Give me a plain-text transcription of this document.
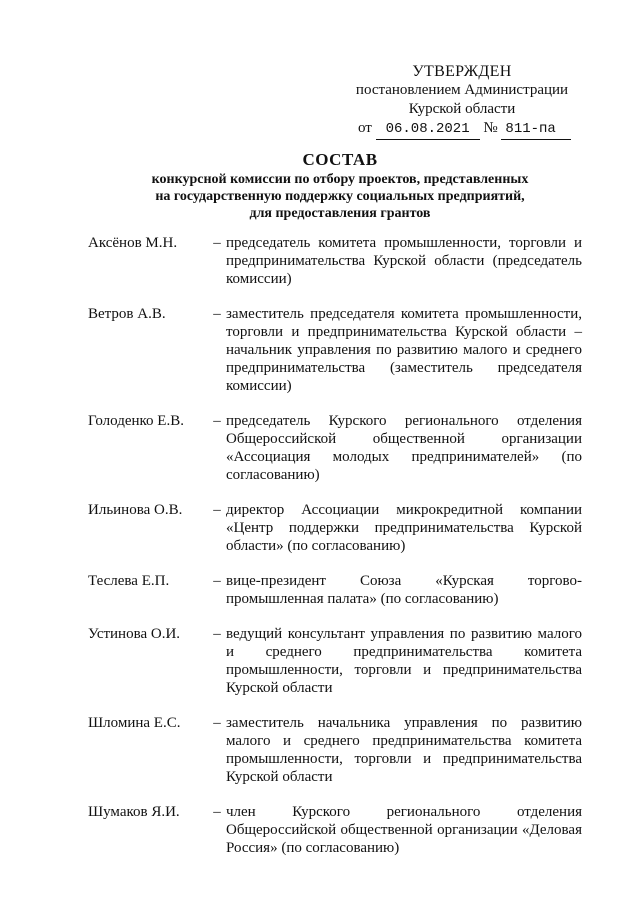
УТВЕРЖДЕН
постановлением Администрации
Курской области
от 06.08.2021 № 811-па
СОСТАВ
конкурсной комиссии по отбору проектов, представленных
на государственную поддержку социальных предприятий,
для предоставления грантов
Аксёнов М.Н.	– председатель комитета промышленности, торговли и предпринимательства Курской области (председатель комиссии)
Ветров А.В.	– заместитель председателя комитета промышленности, торговли и предпринимательства Курской области – начальник управления по развитию малого и среднего предпринимательства (заместитель председателя комиссии)
Голоденко Е.В.	– председатель Курского регионального отделения Общероссийской общественной организации «Ассоциация молодых предпринимателей» (по согласованию)
Ильинова О.В.	– директор Ассоциации микрокредитной компании «Центр поддержки предпринимательства Курской области» (по согласованию)
Теслева Е.П.	– вице-президент Союза «Курская торгово-промышленная палата» (по согласованию)
Устинова О.И.	– ведущий консультант управления по развитию малого и среднего предпринимательства комитета промышленности, торговли и предпринимательства Курской области
Шломина Е.С.	– заместитель начальника управления по развитию малого и среднего предпринимательства комитета промышленности, торговли и предпринимательства Курской области
Шумаков Я.И.	– член Курского регионального отделения Общероссийской общественной организации «Деловая Россия» (по согласованию)
